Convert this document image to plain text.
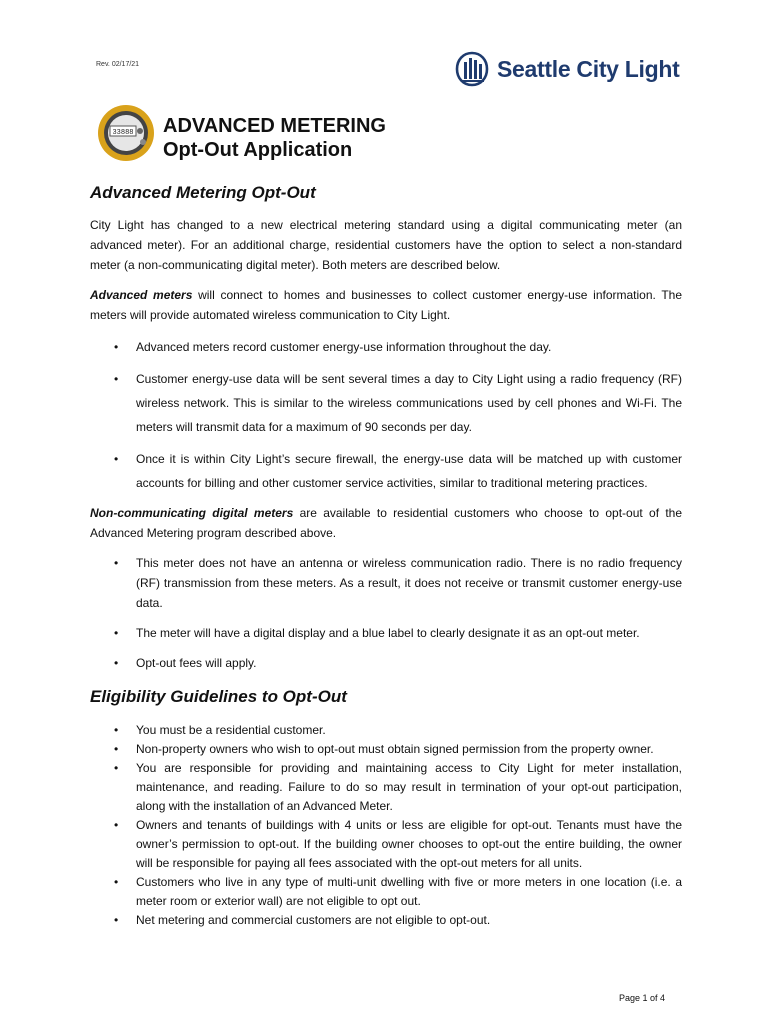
Rev. 02/17/21	Seattle City Light
33888 ADVANCED METERING
Opt-Out Application
Advanced Metering Opt-Out

City Light has changed to a new electrical metering standard using a digital communicating meter (an advanced meter). For an additional charge, residential customers have the option to select a non-standard meter (a non-communicating digital meter). Both meters are described below.

Advanced meters will connect to homes and businesses to collect customer energy-use information. The meters will provide automated wireless communication to City Light.

• Advanced meters record customer energy-use information throughout the day.
• Customer energy-use data will be sent several times a day to City Light using a radio frequency (RF) wireless network. This is similar to the wireless communications used by cell phones and Wi-Fi. The meters will transmit data for a maximum of 90 seconds per day.
• Once it is within City Light’s secure firewall, the energy-use data will be matched up with customer accounts for billing and other customer service activities, similar to traditional metering practices.

Non-communicating digital meters are available to residential customers who choose to opt-out of the Advanced Metering program described above.

• This meter does not have an antenna or wireless communication radio. There is no radio frequency (RF) transmission from these meters. As a result, it does not receive or transmit customer energy-use data.
• The meter will have a digital display and a blue label to clearly designate it as an opt-out meter.
• Opt-out fees will apply.
Eligibility Guidelines to Opt-Out
• You must be a residential customer.
• Non-property owners who wish to opt-out must obtain signed permission from the property owner.
• You are responsible for providing and maintaining access to City Light for meter installation, maintenance, and reading. Failure to do so may result in termination of your opt-out participation, along with the installation of an Advanced Meter.
• Owners and tenants of buildings with 4 units or less are eligible for opt-out. Tenants must have the owner’s permission to opt-out. If the building owner chooses to opt-out the entire building, the owner will be responsible for paying all fees associated with the opt-out meters for all units.
• Customers who live in any type of multi-unit dwelling with five or more meters in one location (i.e. a meter room or exterior wall) are not eligible to opt out.
• Net metering and commercial customers are not eligible to opt-out.
Page 1 of 4
